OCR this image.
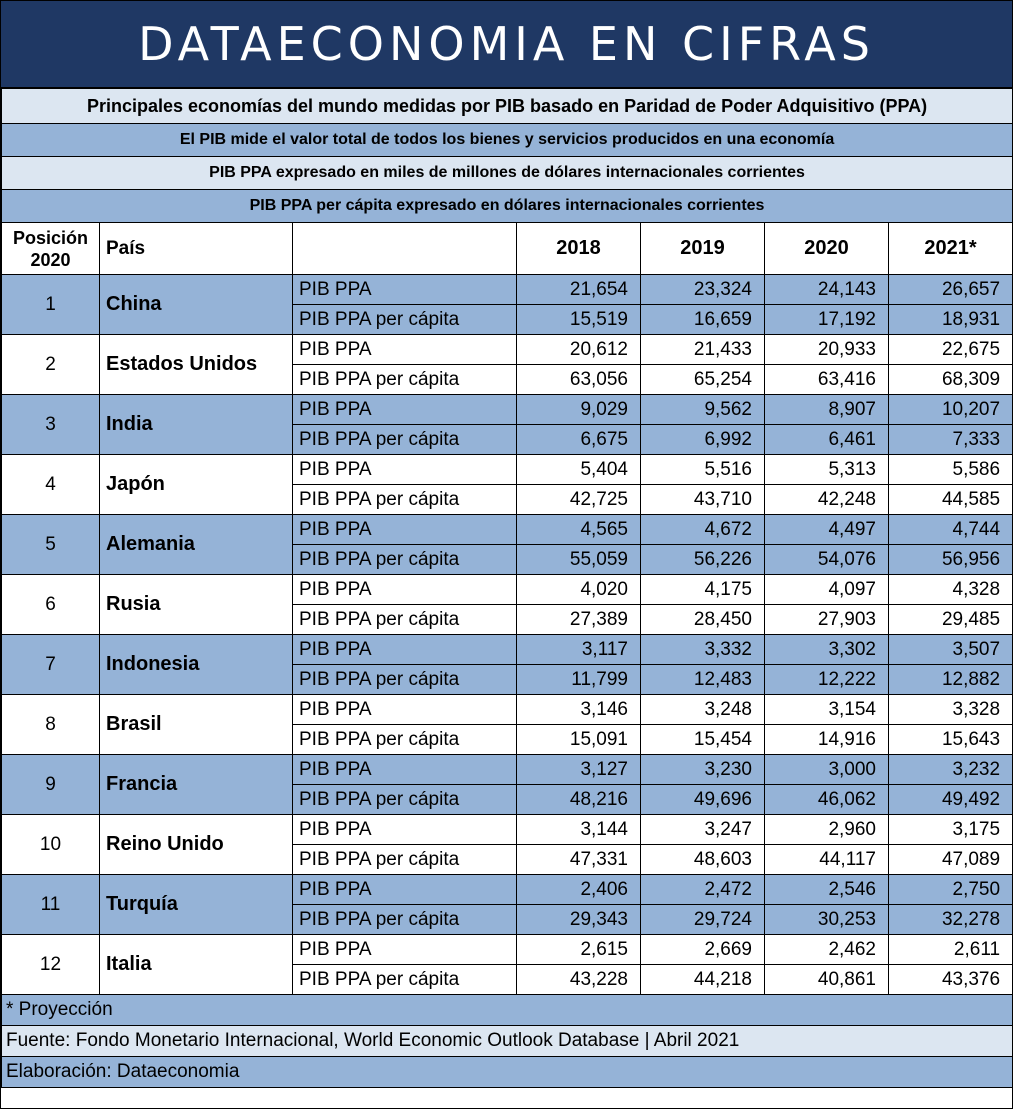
DATAECONOMIA EN CIFRAS
Principales economías del mundo medidas por PIB basado en Paridad de Poder Adquisitivo (PPA)						
El PIB mide el valor total de todos los bienes y servicios producidos en una economía						
PIB PPA expresado en miles de millones de dólares internacionales corrientes						
PIB PPA per cápita expresado en dólares internacionales corrientes						
Posición 2020	País		2018	2019	2020	2021*
1	China	PIB PPA	21,654	23,324	24,143	26,657
		PIB PPA per cápita	15,519	16,659	17,192	18,931
2	Estados Unidos	PIB PPA	20,612	21,433	20,933	22,675
		PIB PPA per cápita	63,056	65,254	63,416	68,309
3	India	PIB PPA	9,029	9,562	8,907	10,207
		PIB PPA per cápita	6,675	6,992	6,461	7,333
4	Japón	PIB PPA	5,404	5,516	5,313	5,586
		PIB PPA per cápita	42,725	43,710	42,248	44,585
5	Alemania	PIB PPA	4,565	4,672	4,497	4,744
		PIB PPA per cápita	55,059	56,226	54,076	56,956
6	Rusia	PIB PPA	4,020	4,175	4,097	4,328
		PIB PPA per cápita	27,389	28,450	27,903	29,485
7	Indonesia	PIB PPA	3,117	3,332	3,302	3,507
		PIB PPA per cápita	11,799	12,483	12,222	12,882
8	Brasil	PIB PPA	3,146	3,248	3,154	3,328
		PIB PPA per cápita	15,091	15,454	14,916	15,643
9	Francia	PIB PPA	3,127	3,230	3,000	3,232
		PIB PPA per cápita	48,216	49,696	46,062	49,492
10	Reino Unido	PIB PPA	3,144	3,247	2,960	3,175
		PIB PPA per cápita	47,331	48,603	44,117	47,089
11	Turquía	PIB PPA	2,406	2,472	2,546	2,750
		PIB PPA per cápita	29,343	29,724	30,253	32,278
12	Italia	PIB PPA	2,615	2,669	2,462	2,611
		PIB PPA per cápita	43,228	44,218	40,861	43,376
* Proyección						
Fuente: Fondo Monetario Internacional, World Economic Outlook Database | Abril 2021						
Elaboración: Dataeconomia						
